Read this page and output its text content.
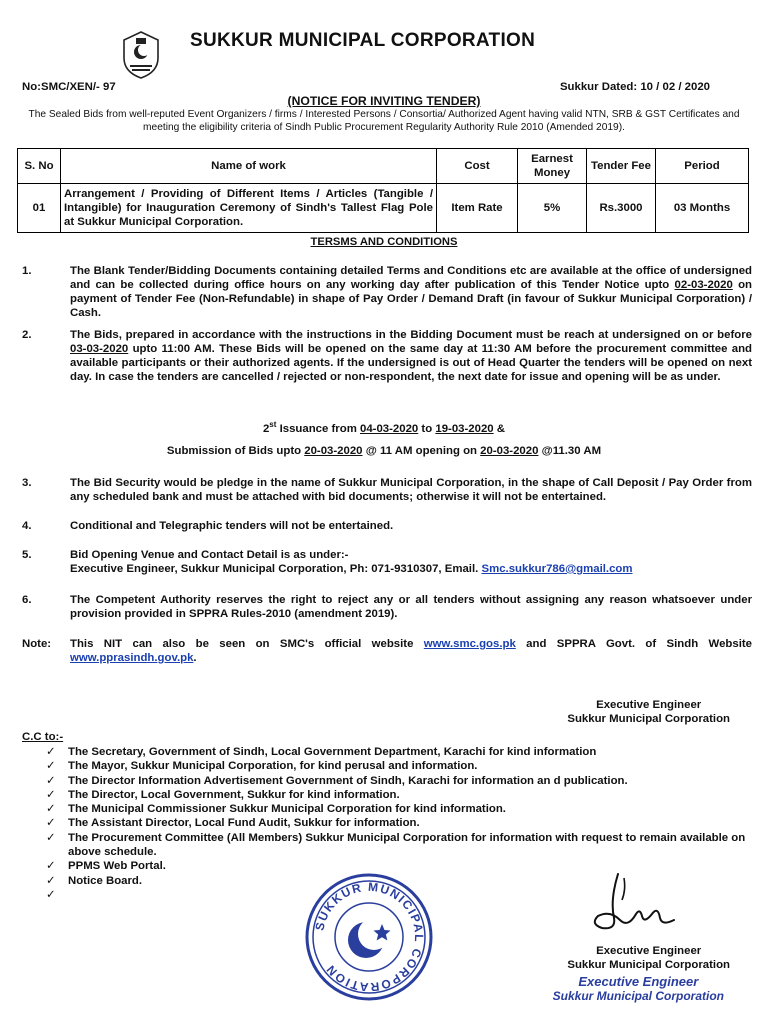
SUKKUR MUNICIPAL CORPORATION
No:SMC/XEN/- 97	Sukkur Dated: 10 / 02 / 2020
(NOTICE FOR INVITING TENDER)
The Sealed Bids from well-reputed Event Organizers / firms / Interested Persons / Consortia/ Authorized Agent having valid NTN, SRB & GST Certificates and meeting the eligibility criteria of Sindh Public Procurement Regularity Authority Rule 2010 (Amended 2019).
S. No	Name of work	Cost	Earnest Money	Tender Fee	Period
01	Arrangement / Providing of Different Items / Articles (Tangible / Intangible) for Inauguration Ceremony of Sindh's Tallest Flag Pole at Sukkur Municipal Corporation.	Item Rate	5%	Rs.3000	03 Months
TERSMS AND CONDITIONS
1.	The Blank Tender/Bidding Documents containing detailed Terms and Conditions etc are available at the office of undersigned and can be collected during office hours on any working day after publication of this Tender Notice upto 02-03-2020 on payment of Tender Fee (Non-Refundable) in shape of Pay Order / Demand Draft (in favour of Sukkur Municipal Corporation) / Cash.
2.	The Bids, prepared in accordance with the instructions in the Bidding Document must be reach at undersigned on or before 03-03-2020 upto 11:00 AM. These Bids will be opened on the same day at 11:30 AM before the procurement committee and available participants or their authorized agents. If the undersigned is out of Head Quarter the tenders will be opened on next day. In case the tenders are cancelled / rejected or non-respondent, the next date for issue and opening will be as under.
2st Issuance from 04-03-2020 to 19-03-2020 &
Submission of Bids upto 20-03-2020 @ 11 AM opening on 20-03-2020 @11.30 AM
3.	The Bid Security would be pledge in the name of Sukkur Municipal Corporation, in the shape of Call Deposit / Pay Order from any scheduled bank and must be attached with bid documents; otherwise it will not be entertained.
4.	Conditional and Telegraphic tenders will not be entertained.
5.	Bid Opening Venue and Contact Detail is as under:-
Executive Engineer, Sukkur Municipal Corporation, Ph: 071-9310307, Email. Smc.sukkur786@gmail.com
6.	The Competent Authority reserves the right to reject any or all tenders without assigning any reason whatsoever under provision provided in SPPRA Rules-2010 (amendment 2019).
Note:	This NIT can also be seen on SMC's official website www.smc.gos.pk and SPPRA Govt. of Sindh Website www.pprasindh.gov.pk.
Executive Engineer
Sukkur Municipal Corporation
C.C to:-
✓ The Secretary, Government of Sindh, Local Government Department, Karachi for kind information
✓ The Mayor, Sukkur Municipal Corporation, for kind perusal and information.
✓ The Director Information Advertisement Government of Sindh, Karachi for information an d publication.
✓ The Director, Local Government, Sukkur for kind information.
✓ The Municipal Commissioner Sukkur Municipal Corporation for kind information.
✓ The Assistant Director, Local Fund Audit, Sukkur for information.
✓ The Procurement Committee (All Members) Sukkur Municipal Corporation for information with request to remain available on above schedule.
✓ PPMS Web Portal.
✓ Notice Board.
✓
SUKKUR MUNICIPAL CORPORATION
Executive Engineer
Sukkur Municipal Corporation
Executive Engineer
Sukkur Municipal Corporation
